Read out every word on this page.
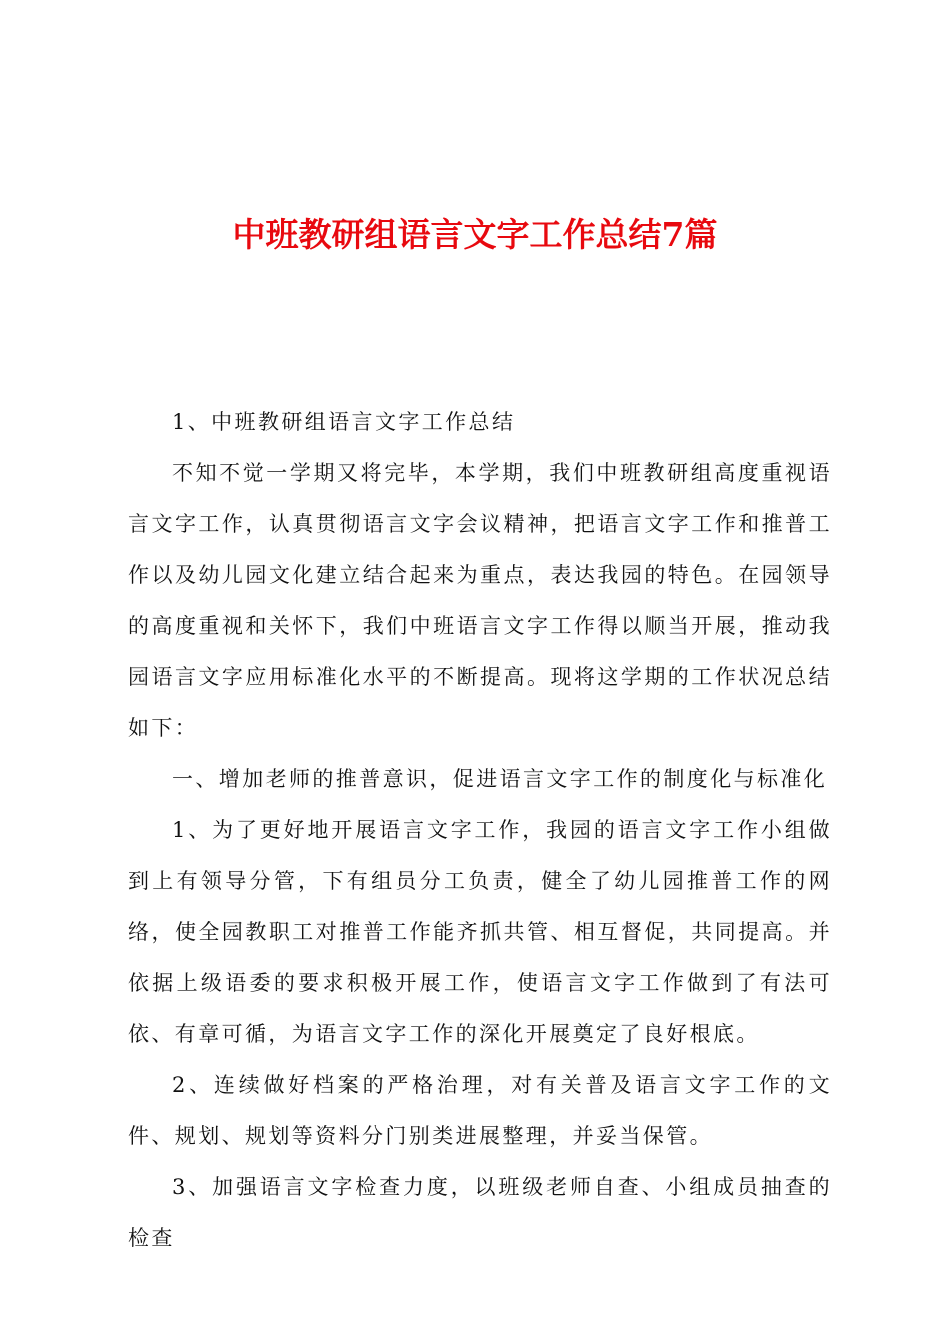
中班教研组语言文字工作总结7篇

1、中班教研组语言文字工作总结

不知不觉一学期又将完毕，本学期，我们中班教研组高度重视语言文字工作，认真贯彻语言文字会议精神，把语言文字工作和推普工作以及幼儿园文化建立结合起来为重点，表达我园的特色。在园领导的高度重视和关怀下，我们中班语言文字工作得以顺当开展，推动我园语言文字应用标准化水平的不断提高。现将这学期的工作状况总结如下：

一、增加老师的推普意识，促进语言文字工作的制度化与标准化

1、为了更好地开展语言文字工作，我园的语言文字工作小组做到上有领导分管，下有组员分工负责，健全了幼儿园推普工作的网络，使全园教职工对推普工作能齐抓共管、相互督促，共同提高。并依据上级语委的要求积极开展工作，使语言文字工作做到了有法可依、有章可循，为语言文字工作的深化开展奠定了良好根底。

2、连续做好档案的严格治理，对有关普及语言文字工作的文件、规划、规划等资料分门别类进展整理，并妥当保管。

3、加强语言文字检查力度，以班级老师自查、小组成员抽查的检查
